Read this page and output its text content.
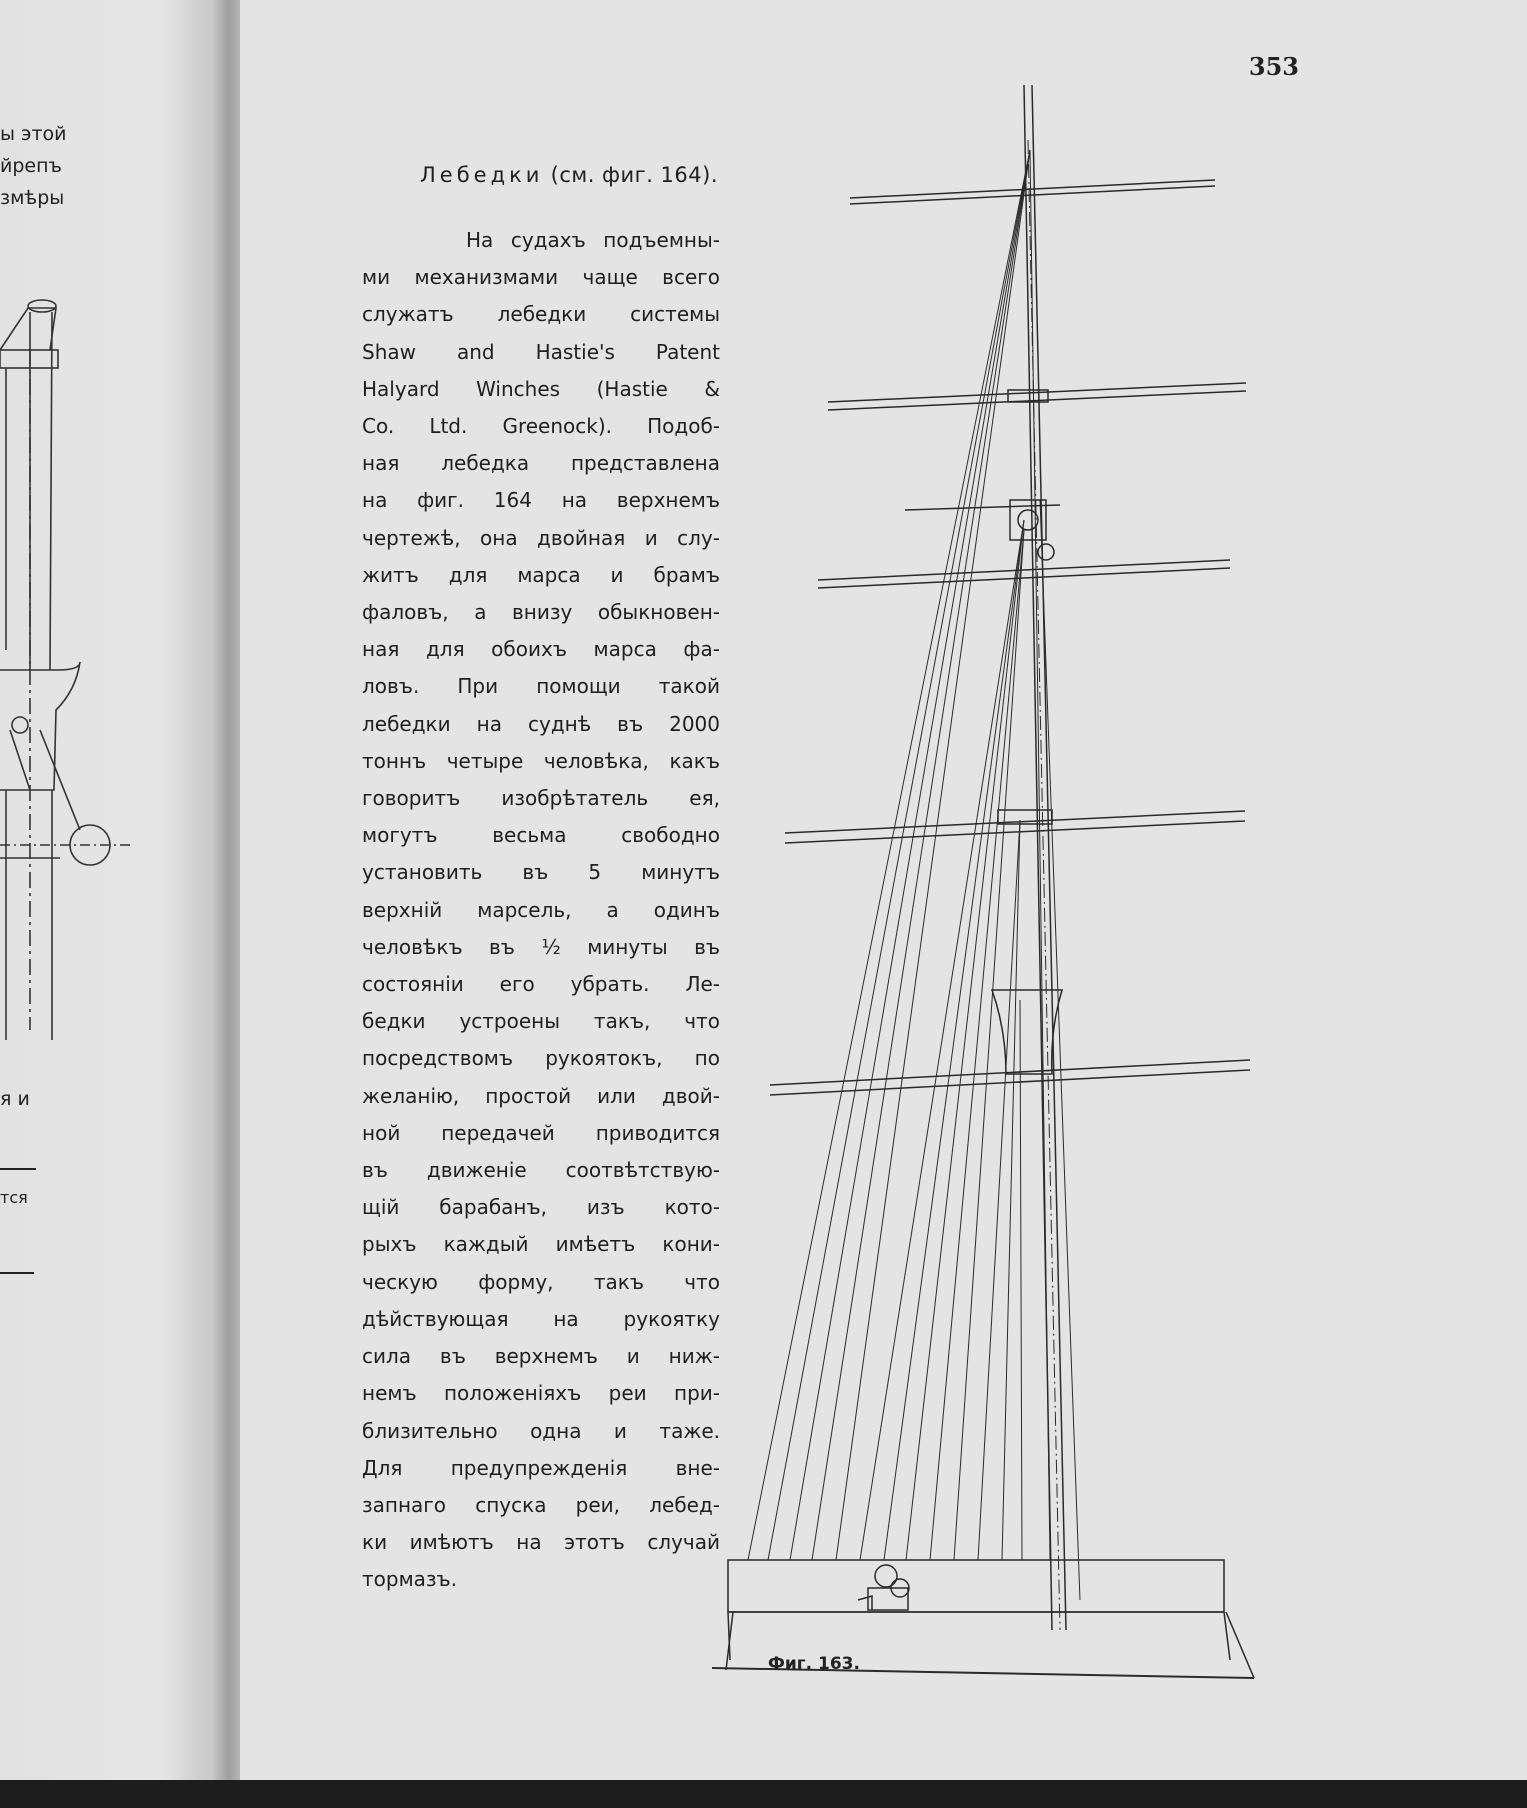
ы этой
йрепъ
змѣры
я и
тся
353
Лебедки (см. фиг. 164).
На судахъ подъемны-
ми механизмами чаще всего
служатъ лебедки системы
Shaw and Hastie's Patent
Halyard Winches (Hastie &
Co. Ltd. Greenock). Подоб-
ная лебедка представлена
на фиг. 164 на верхнемъ
чертежѣ, она двойная и слу-
житъ для марса и брамъ
фаловъ, а внизу обыкновен-
ная для обоихъ марса фа-
ловъ. При помощи такой
лебедки на суднѣ въ 2000
тоннъ четыре человѣка, какъ
говоритъ изобрѣтатель ея,
могутъ весьма свободно
установить въ 5 минутъ
верхнiй марсель, а одинъ
человѣкъ въ ½ минуты въ
состоянiи его убрать. Ле-
бедки устроены такъ, что
посредствомъ рукоятокъ, по
желанiю, простой или двой-
ной передачей приводится
въ движенiе соотвѣтствую-
щiй барабанъ, изъ кото-
рыхъ каждый имѣетъ кони-
ческую форму, такъ что
дѣйствующая на рукоятку
сила въ верхнемъ и ниж-
немъ положенiяхъ реи при-
близительно одна и таже.
Для предупрежденiя вне-
запнаго спуска реи, лебед-
ки имѣютъ на этотъ случай
тормазъ.
Фиг. 163.
